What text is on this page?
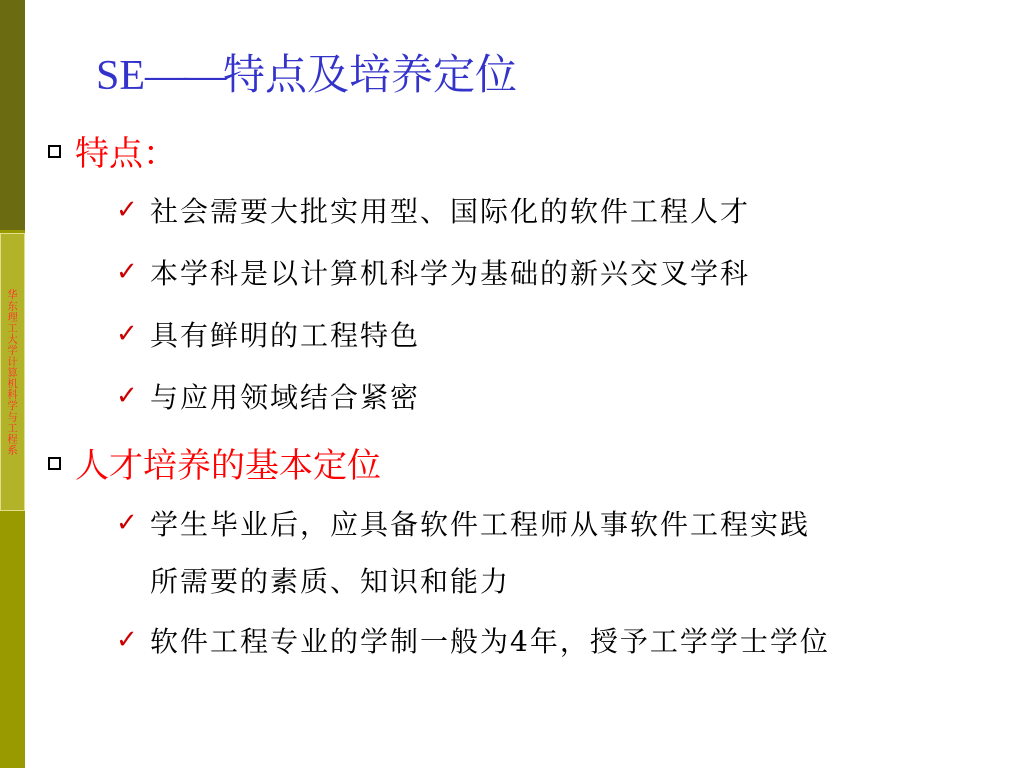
华东理工大学计算机科学与工程系
SE——特点及培养定位
特点：
✓ 社会需要大批实用型、国际化的软件工程人才
✓ 本学科是以计算机科学为基础的新兴交叉学科
✓ 具有鲜明的工程特色
✓ 与应用领域结合紧密
人才培养的基本定位
✓ 学生毕业后，应具备软件工程师从事软件工程实践
所需要的素质、知识和能力
✓ 软件工程专业的学制一般为4年，授予工学学士学位
